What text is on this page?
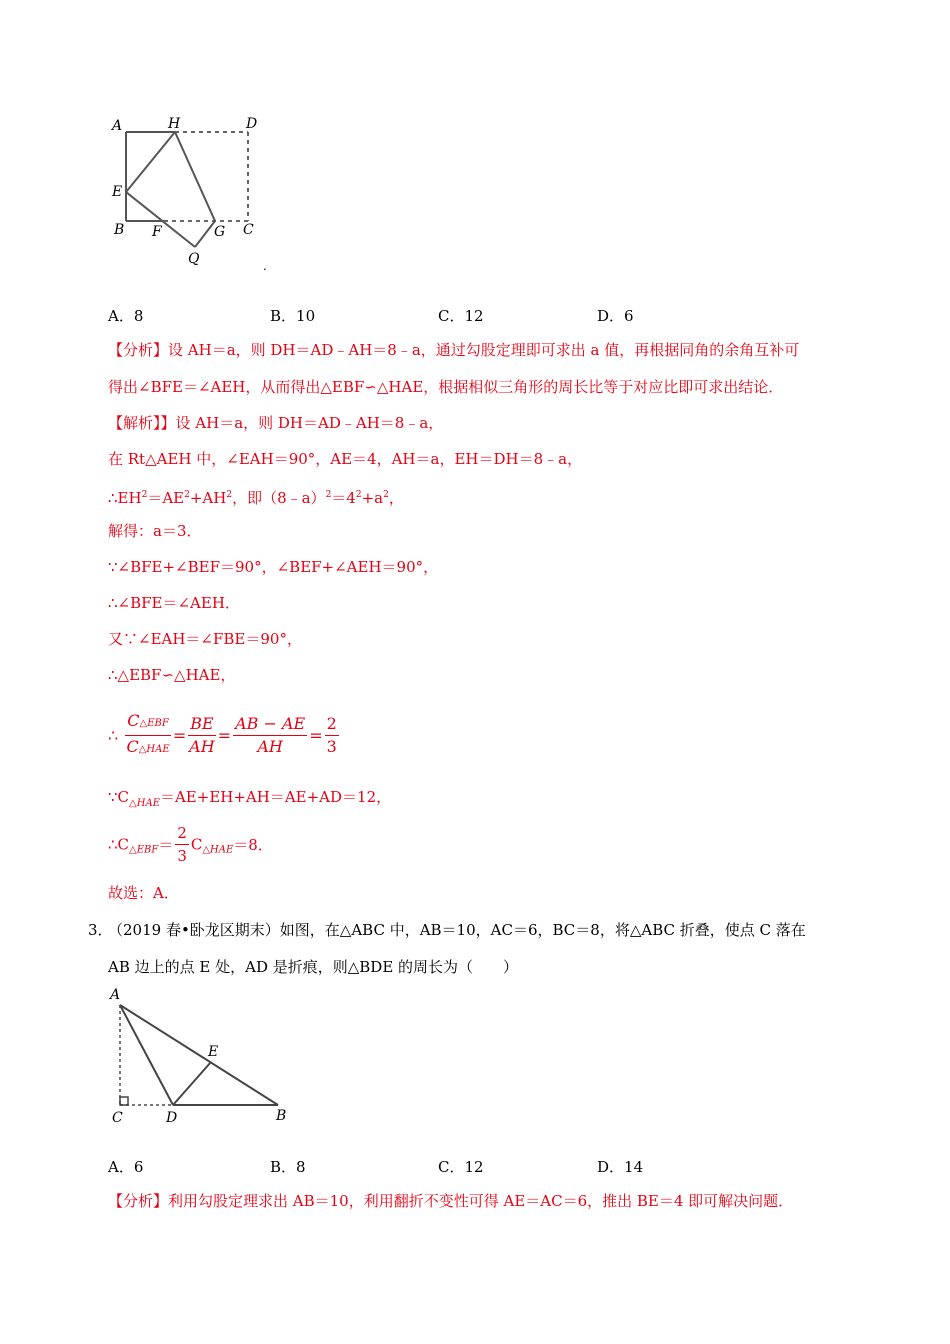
A	H	D
E
B F	G C
Q	.
A．8	B．10	C．12	D．6
【分析】设 AH＝a，则 DH＝AD﹣AH＝8﹣a，通过勾股定理即可求出 a 值，再根据同角的余角互补可
得出∠BFE＝∠AEH，从而得出△EBF∽△HAE，根据相似三角形的周长比等于对应比即可求出结论．
【解析】】设 AH＝a，则 DH＝AD﹣AH＝8﹣a，
在 Rt△AEH 中，∠EAH＝90°，AE＝4，AH＝a，EH＝DH＝8﹣a，
$\therefore EH^2=AE^2+AH^2$，即$(8﹣a)^2=4^2+a^2$，
解得：a＝3．
∵∠BFE+∠BEF＝90°，∠BEF+∠AEH＝90°，
∴∠BFE＝∠AEH．
又∵∠EAH＝∠FBE＝90°，
∴△EBF∽△HAE，
∴ $\frac{\text{C△EBF}}{\text{C△HAE}} = \frac{BE}{AH} = \frac{AB - AE}{AH} = \frac{2}{3}$
$\because C_{\triangle HAE}=AE+EH+AH=AE+AD=12$，
$\therefore C_{\triangle EBF}= \frac{2}{3} C_{\triangle HAE}=8$．
故选：A．
3．
（2019 春•卧龙区期末）如图，在△ABC 中，AB＝10，AC＝6，BC＝8，将△ABC 折叠，使点 C 落在
AB 边上的点 E 处，AD 是折痕，则△BDE 的周长为（　　）
A
E
C	D	B
A．6	B．8	C．12	D．14
【分析】利用勾股定理求出 AB＝10，利用翻折不变性可得 AE＝AC＝6，推出 BE＝4 即可解决问题．
